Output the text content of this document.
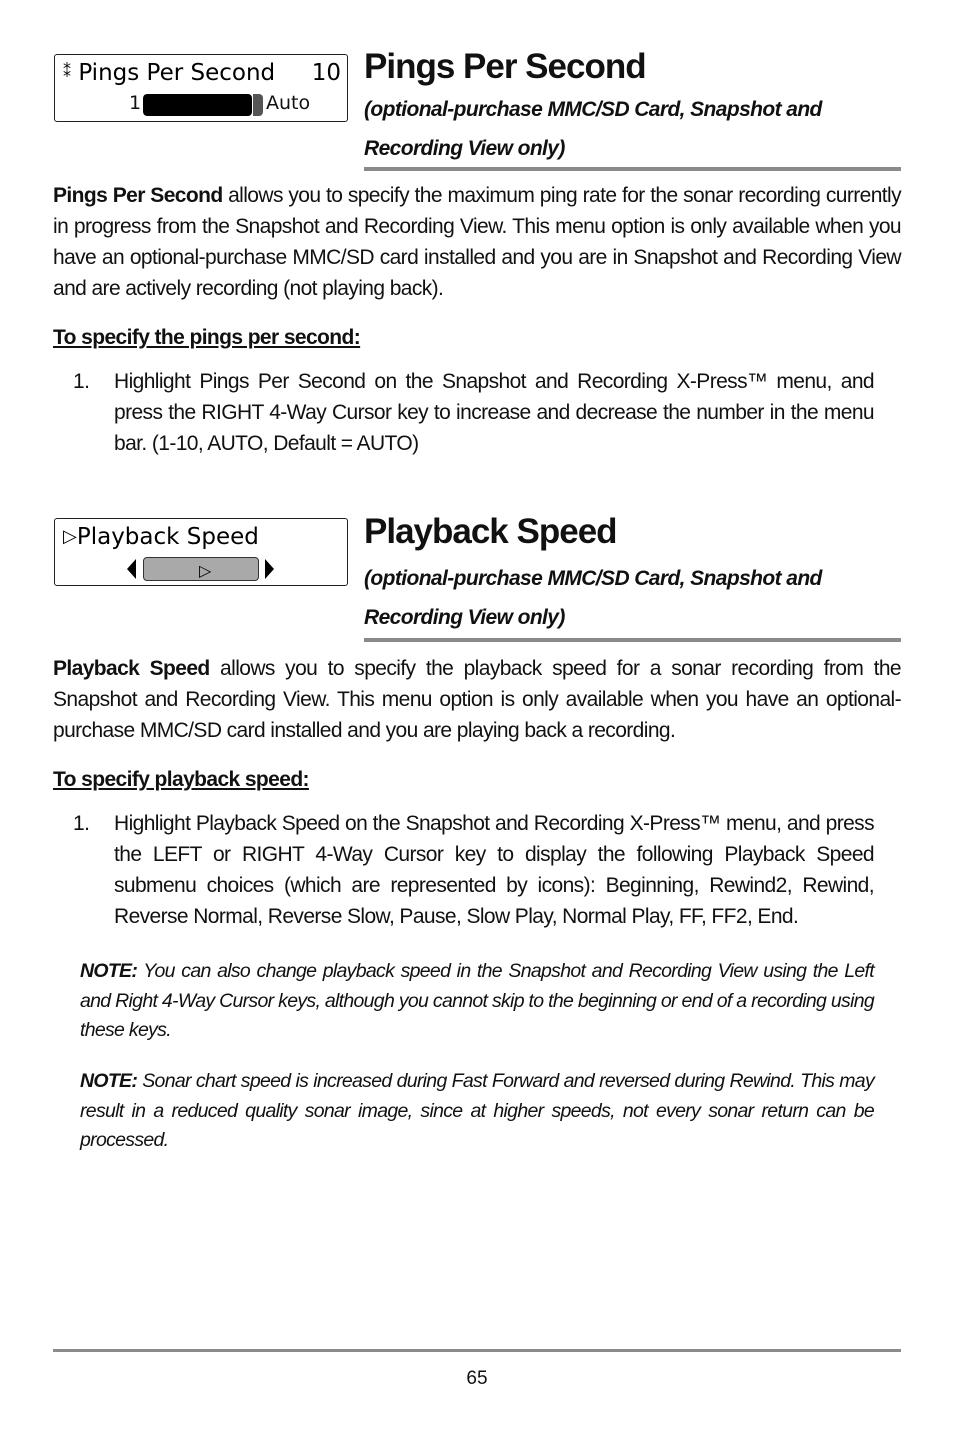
⁑ Pings Per Second 10
1	Auto
Pings Per Second
(optional-purchase MMC/SD Card, Snapshot and Recording View only)
Pings Per Second allows you to specify the maximum ping rate for the sonar recording currently in progress from the Snapshot and Recording View. This menu option is only available when you have an optional-purchase MMC/SD card installed and you are in Snapshot and Recording View and are actively recording (not playing back).
To specify the pings per second:
1. Highlight Pings Per Second on the Snapshot and Recording X-Press™ menu, and press the RIGHT 4-Way Cursor key to increase and decrease the number in the menu bar. (1-10, AUTO, Default = AUTO)
▷Playback Speed
▷
Playback Speed
(optional-purchase MMC/SD Card, Snapshot and Recording View only)
Playback Speed allows you to specify the playback speed for a sonar recording from the Snapshot and Recording View. This menu option is only available when you have an optional-purchase MMC/SD card installed and you are playing back a recording.
To specify playback speed:
1. Highlight Playback Speed on the Snapshot and Recording X-Press™ menu, and press the LEFT or RIGHT 4-Way Cursor key to display the following Playback Speed submenu choices (which are represented by icons): Beginning, Rewind2, Rewind, Reverse Normal, Reverse Slow, Pause, Slow Play, Normal Play, FF, FF2, End.
NOTE: You can also change playback speed in the Snapshot and Recording View using the Left and Right 4-Way Cursor keys, although you cannot skip to the beginning or end of a recording using these keys.
NOTE: Sonar chart speed is increased during Fast Forward and reversed during Rewind. This may result in a reduced quality sonar image, since at higher speeds, not every sonar return can be processed.
65
